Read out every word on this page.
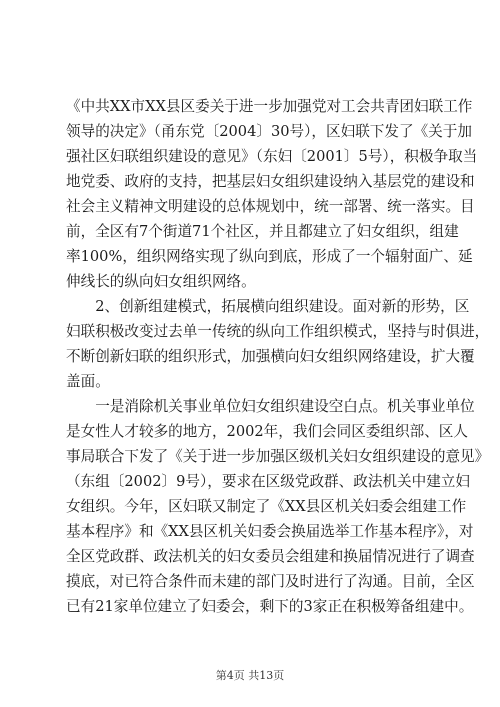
《中共XX市XX县区委关于进一步加强党对工会共青团妇联工作
领导的决定》（甬东党〔2004〕30号），区妇联下发了《关于加
强社区妇联组织建设的意见》（东妇〔2001〕5号），积极争取当
地党委、政府的支持，把基层妇女组织建设纳入基层党的建设和
社会主义精神文明建设的总体规划中，统一部署、统一落实。目
前，全区有7个街道71个社区，并且都建立了妇女组织，组建
率100%，组织网络实现了纵向到底，形成了一个辐射面广、延
伸线长的纵向妇女组织网络。
　　2、创新组建模式，拓展横向组织建设。面对新的形势，区
妇联积极改变过去单一传统的纵向工作组织模式，坚持与时俱进，
不断创新妇联的组织形式，加强横向妇女组织网络建设，扩大覆
盖面。
　　一是消除机关事业单位妇女组织建设空白点。机关事业单位
是女性人才较多的地方，2002年，我们会同区委组织部、区人
事局联合下发了《关于进一步加强区级机关妇女组织建设的意见》
（东组〔2002〕9号），要求在区级党政群、政法机关中建立妇
女组织。今年，区妇联又制定了《XX县区机关妇委会组建工作
基本程序》和《XX县区机关妇委会换届选举工作基本程序》，对
全区党政群、政法机关的妇女委员会组建和换届情况进行了调查
摸底，对已符合条件而未建的部门及时进行了沟通。目前，全区
已有21家单位建立了妇委会，剩下的3家正在积极筹备组建中。
第4页 共13页
